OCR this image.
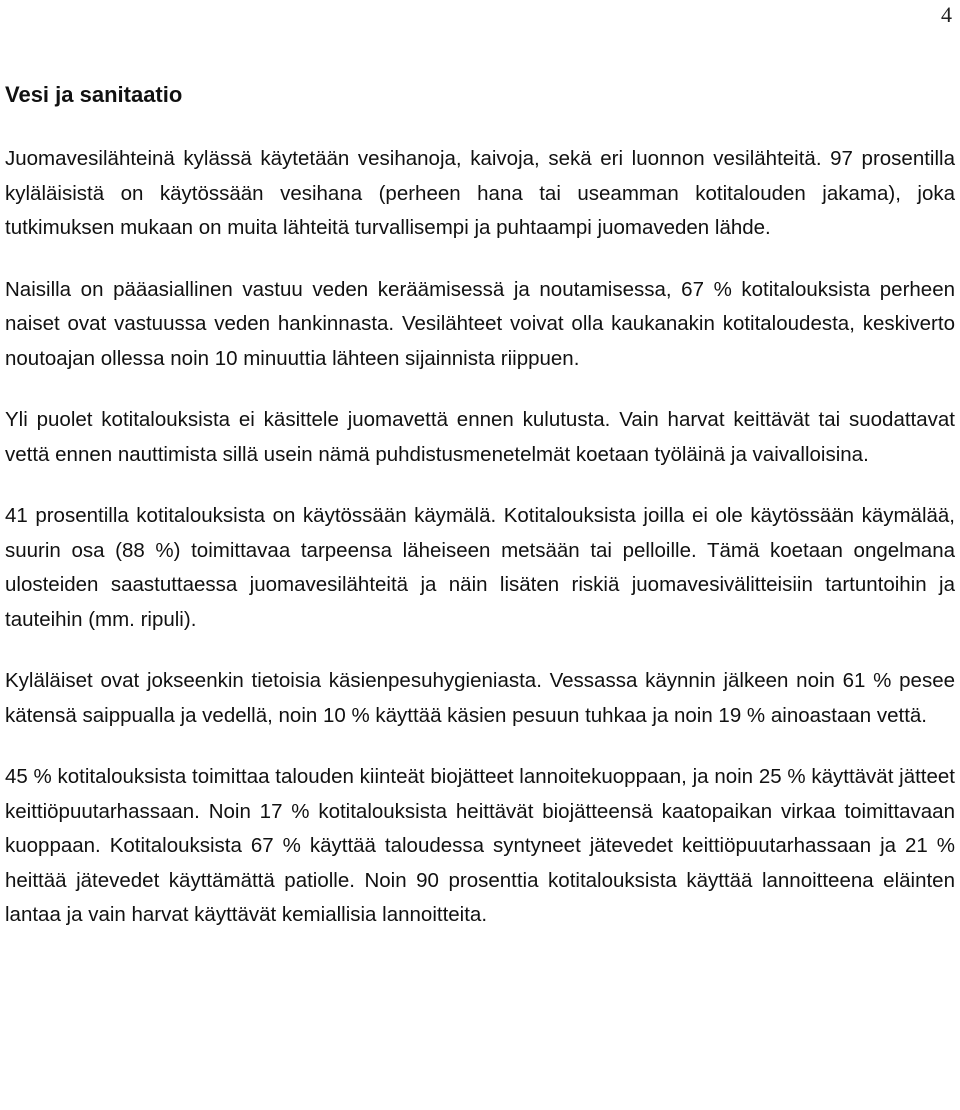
4
Vesi ja sanitaatio

Juomavesilähteinä kylässä käytetään vesihanoja, kaivoja, sekä eri luonnon vesilähteitä. 97 prosentilla kyläläisistä on käytössään vesihana (perheen hana tai useamman kotitalouden jakama), joka tutkimuksen mukaan on muita lähteitä turvallisempi ja puhtaampi juomaveden lähde.

Naisilla on pääasiallinen vastuu veden keräämisessä ja noutamisessa, 67 % kotitalouksista perheen naiset ovat vastuussa veden hankinnasta. Vesilähteet voivat olla kaukanakin kotitaloudesta, keskiverto noutoajan ollessa noin 10 minuuttia lähteen sijainnista riippuen.

Yli puolet kotitalouksista ei käsittele juomavettä ennen kulutusta. Vain harvat keittävät tai suodattavat vettä ennen nauttimista sillä usein nämä puhdistusmenetelmät koetaan työläinä ja vaivalloisina.

41 prosentilla kotitalouksista on käytössään käymälä. Kotitalouksista joilla ei ole käytössään käymälää, suurin osa (88 %) toimittavaa tarpeensa läheiseen metsään tai pelloille. Tämä koetaan ongelmana ulosteiden saastuttaessa juomavesilähteitä ja näin lisäten riskiä juomavesivälitteisiin tartuntoihin ja tauteihin (mm. ripuli).

Kyläläiset ovat jokseenkin tietoisia käsienpesuhygieniasta. Vessassa käynnin jälkeen noin 61 % pesee kätensä saippualla ja vedellä, noin 10 % käyttää käsien pesuun tuhkaa ja noin 19 % ainoastaan vettä.

45 % kotitalouksista toimittaa talouden kiinteät biojätteet lannoitekuoppaan, ja noin 25 % käyttävät jätteet keittiöpuutarhassaan. Noin 17 % kotitalouksista heittävät biojätteensä kaatopaikan virkaa toimittavaan kuoppaan. Kotitalouksista 67 % käyttää taloudessa syntyneet jätevedet keittiöpuutarhassaan ja 21 % heittää jätevedet käyttämättä patiolle. Noin 90 prosenttia kotitalouksista käyttää lannoitteena eläinten lantaa ja vain harvat käyttävät kemiallisia lannoitteita.
